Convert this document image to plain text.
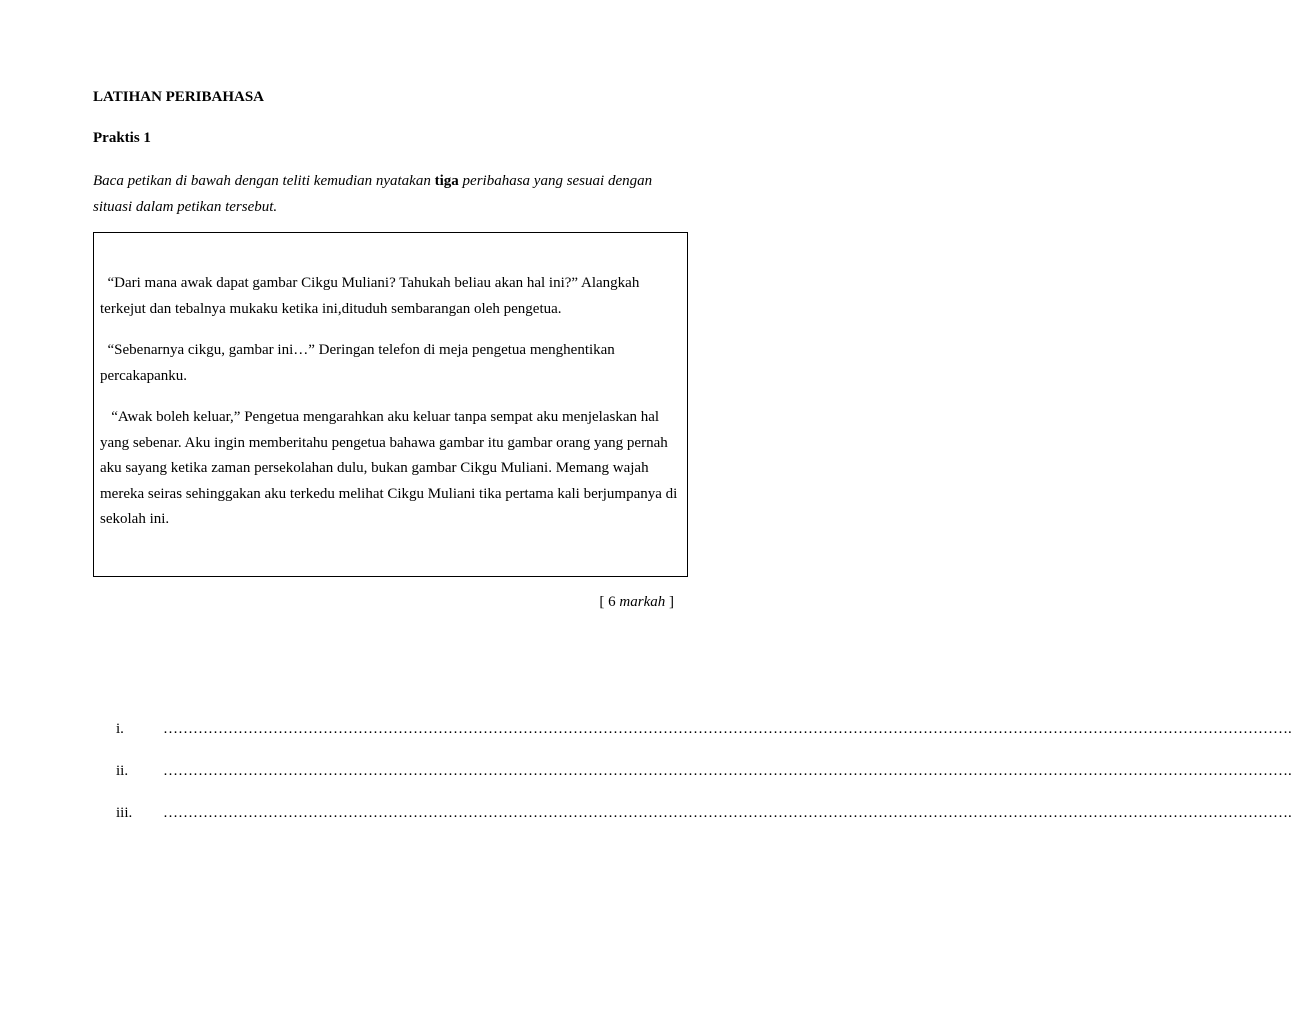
LATIHAN PERIBAHASA
Praktis 1
Baca petikan di bawah dengan teliti kemudian nyatakan tiga peribahasa yang sesuai dengan situasi dalam petikan tersebut.
“Dari mana awak dapat gambar Cikgu Muliani? Tahukah beliau akan hal ini?” Alangkah terkejut dan tebalnya mukaku ketika ini,dituduh sembarangan oleh pengetua.
“Sebenarnya cikgu, gambar ini…” Deringan telefon di meja pengetua menghentikan percakapanku.
“Awak boleh keluar,” Pengetua mengarahkan aku keluar tanpa sempat aku menjelaskan hal yang sebenar. Aku ingin memberitahu pengetua bahawa gambar itu gambar orang yang pernah aku sayang ketika zaman persekolahan dulu, bukan gambar Cikgu Muliani. Memang wajah mereka seiras sehinggakan aku terkedu melihat Cikgu Muliani tika pertama kali berjumpanya di sekolah ini.
[ 6 markah ]
i.	……………………………………………………………………………………………………………………………………………………………………………………………………….
ii. ……………………………………………………………………………………………………………………………………………………………………………………………………….
iii. ……………………………………………………………………………………………………………………………………………………………………………………………………….
